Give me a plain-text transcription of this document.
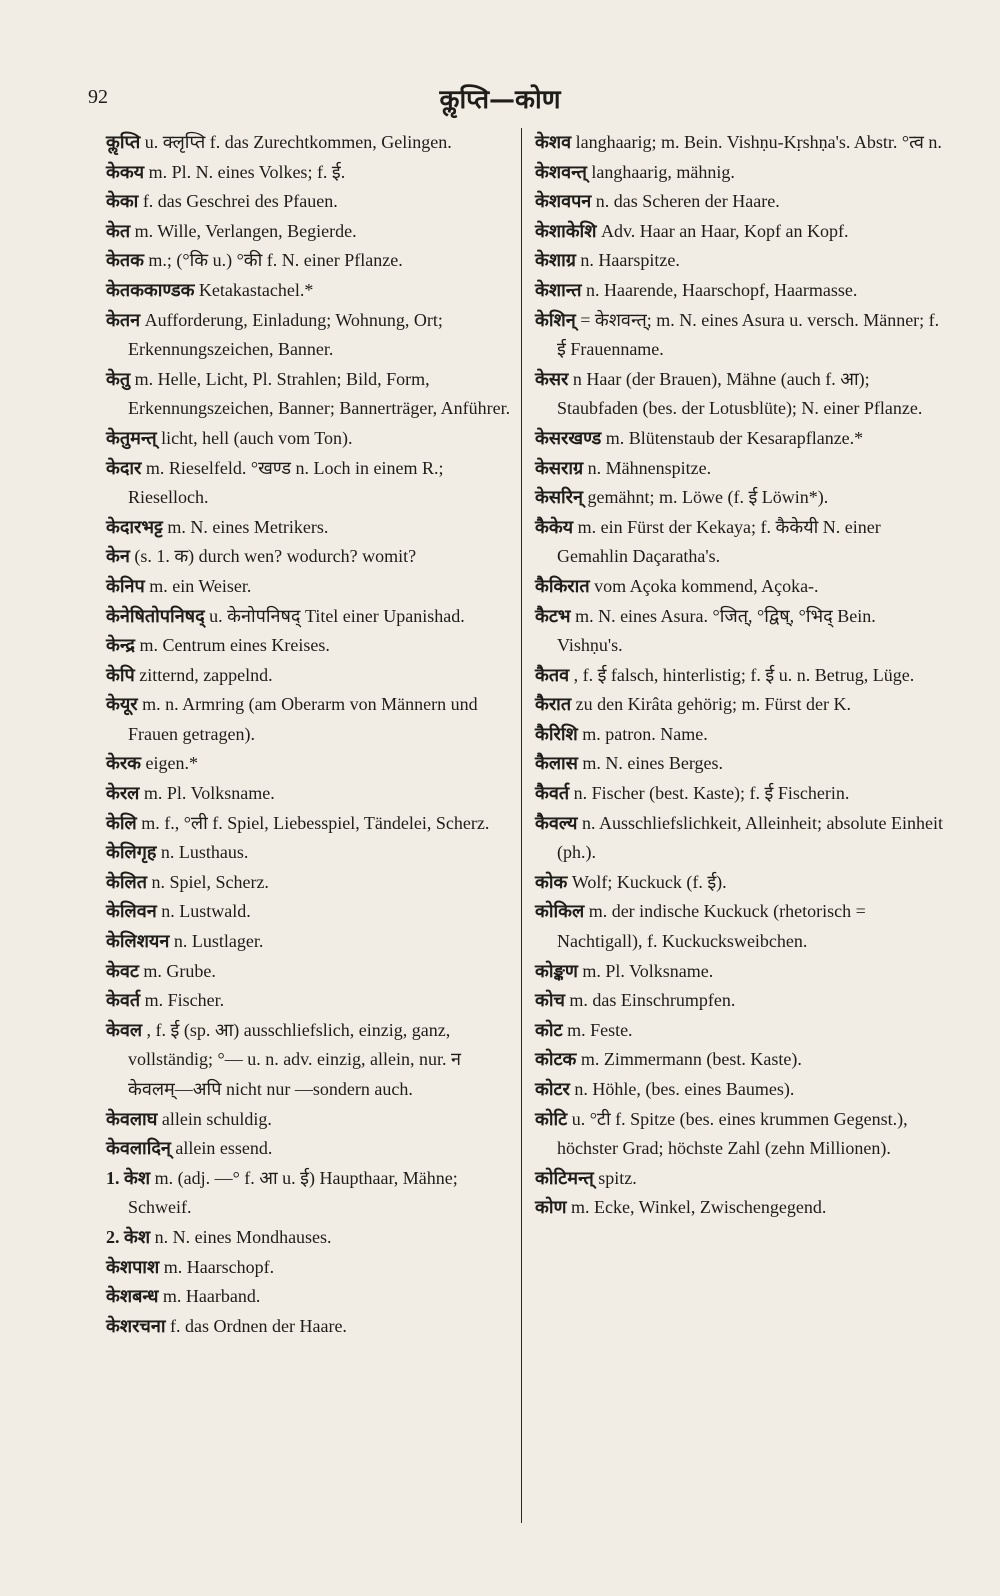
92	कॢप्ति—कोण

कॢप्ति u. क्लृप्ति f. das Zurechtkommen, Gelingen.

केकय m. Pl. N. eines Volkes; f. ई.

केका f. das Geschrei des Pfauen.

केत m. Wille, Verlangen, Begierde.

केतक m.; (°कि u.) °की f. N. einer Pflanze.

केतककाण्डक Ketakastachel.*

केतन Aufforderung, Einladung; Wohnung, Ort; Erkennungszeichen, Banner.

केतु m. Helle, Licht, Pl. Strahlen; Bild, Form, Erkennungszeichen, Banner; Bannerträger, Anführer.

केतुमन्त् licht, hell (auch vom Ton).

केदार m. Rieselfeld. °खण्ड n. Loch in einem R.; Rieselloch.

केदारभट्ट m. N. eines Metrikers.

केन (s. 1. क) durch wen? wodurch? womit?

केनिप m. ein Weiser.

केनेषितोपनिषद् u. केनोपनिषद् Titel einer Upanishad.

केन्द्र m. Centrum eines Kreises.

केपि zitternd, zappelnd.

केयूर m. n. Armring (am Oberarm von Männern und Frauen getragen).

केरक eigen.*

केरल m. Pl. Volksname.

केलि m. f., °ली f. Spiel, Liebesspiel, Tändelei, Scherz.

केलिगृह n. Lusthaus.

केलित n. Spiel, Scherz.

केलिवन n. Lustwald.

केलिशयन n. Lustlager.

केवट m. Grube.

केवर्त m. Fischer.

केवल , f. ई (sp. आ) ausschliefslich, einzig, ganz, vollständig; °— u. n. adv. einzig, allein, nur. न केवलम्—अपि nicht nur —sondern auch.

केवलाघ allein schuldig.

केवलादिन् allein essend.

1. केश m. (adj. —° f. आ u. ई) Haupthaar, Mähne; Schweif.

2. केश n. N. eines Mondhauses.

केशपाश m. Haarschopf.

केशबन्ध m. Haarband.

केशरचना f. das Ordnen der Haare.

केशव langhaarig; m. Bein. Vishṇu-Kṛshṇa's. Abstr. °त्व n.

केशवन्त् langhaarig, mähnig.

केशवपन n. das Scheren der Haare.

केशाकेशि Adv. Haar an Haar, Kopf an Kopf.

केशाग्र n. Haarspitze.

केशान्त n. Haarende, Haarschopf, Haarmasse.

केशिन् = केशवन्त्; m. N. eines Asura u. versch. Männer; f. ई Frauenname.

केसर n Haar (der Brauen), Mähne (auch f. आ); Staubfaden (bes. der Lotusblüte); N. einer Pflanze.

केसरखण्ड m. Blütenstaub der Kesarapflanze.*

केसराग्र n. Mähnenspitze.

केसरिन् gemähnt; m. Löwe (f. ई Löwin*).

कैकेय m. ein Fürst der Kekaya; f. कैकेयी N. einer Gemahlin Daçaratha's.

कैकिरात vom Açoka kommend, Açoka-.

कैटभ m. N. eines Asura. °जित्, °द्विष्, °भिद् Bein. Vishṇu's.

कैतव , f. ई falsch, hinterlistig; f. ई u. n. Betrug, Lüge.

कैरात zu den Kirâta gehörig; m. Fürst der K.

कैरिशि m. patron. Name.

कैलास m. N. eines Berges.

कैवर्त n. Fischer (best. Kaste); f. ई Fischerin.

कैवल्य n. Ausschliefslichkeit, Alleinheit; absolute Einheit (ph.).

कोक Wolf; Kuckuck (f. ई).

कोकिल m. der indische Kuckuck (rhetorisch = Nachtigall), f. Kuckucksweibchen.

कोङ्कण m. Pl. Volksname.

कोच m. das Einschrumpfen.

कोट m. Feste.

कोटक m. Zimmermann (best. Kaste).

कोटर n. Höhle, (bes. eines Baumes).

कोटि u. °टी f. Spitze (bes. eines krummen Gegenst.), höchster Grad; höchste Zahl (zehn Millionen).

कोटिमन्त् spitz.

कोण m. Ecke, Winkel, Zwischengegend.
